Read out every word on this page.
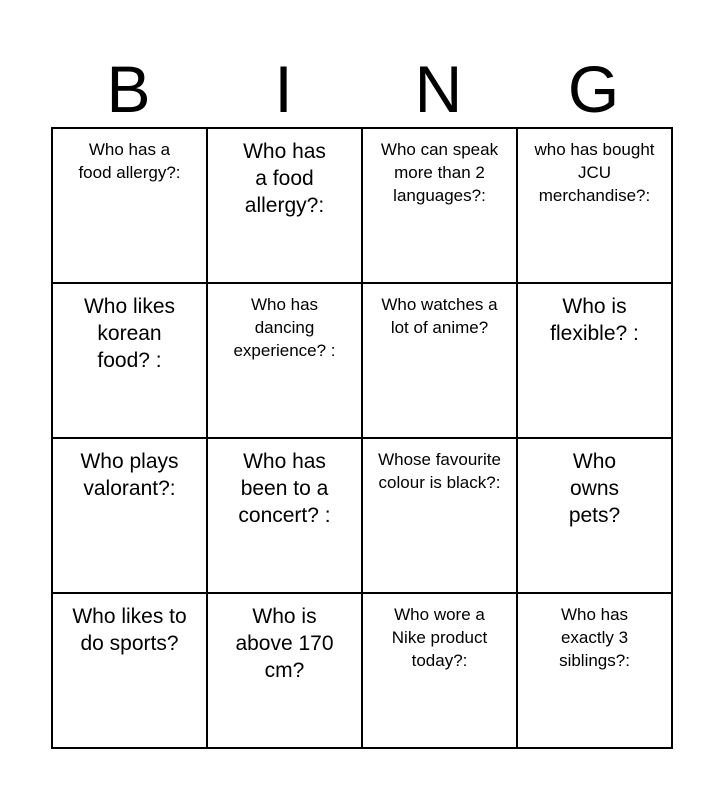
B	I	N	G
Who has a food allergy?:	Who has a food allergy?:	Who can speak more than 2 languages?:	who has bought JCU merchandise?:

Who likes korean food? :	Who has dancing experience? :	Who watches a lot of anime?	Who is flexible? :

Who plays valorant?:	Who has been to a concert? :	Whose favourite colour is black?:	Who owns pets?

Who likes to do sports?	Who is above 170 cm?	Who wore a Nike product today?:	Who has exactly 3 siblings?:
